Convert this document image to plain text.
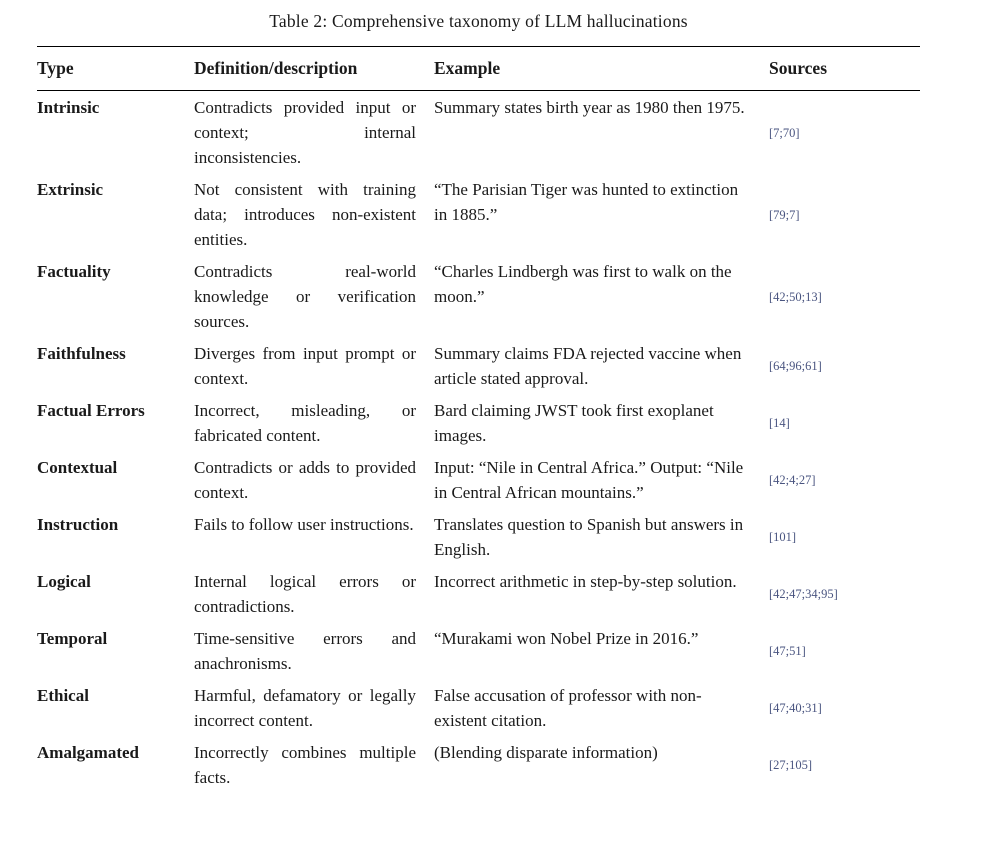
Table 2: Comprehensive taxonomy of LLM hallucinations
Type	Definition/description	Example	Sources
Intrinsic	Contradicts provided input or context; internal inconsistencies.	Summary states birth year as 1980 then 1975.	[7;70]
Extrinsic	Not consistent with training data; introduces non-existent entities.	“The Parisian Tiger was hunted to extinction in 1885.”	[79;7]
Factuality	Contradicts real-world knowledge or verification sources.	“Charles Lindbergh was first to walk on the moon.”	[42;50;13]
Faithfulness	Diverges from input prompt or context.	Summary claims FDA rejected vaccine when article stated approval.	[64;96;61]
Factual Errors	Incorrect, misleading, or fabricated content.	Bard claiming JWST took first exoplanet images.	[14]
Contextual	Contradicts or adds to provided context.	Input: “Nile in Central Africa.” Output: “Nile in Central African mountains.”	[42;4;27]
Instruction	Fails to follow user instructions.	Translates question to Spanish but answers in English.	[101]
Logical	Internal logical errors or contradictions.	Incorrect arithmetic in step-by-step solution.	[42;47;34;95]
Temporal	Time-sensitive errors and anachronisms.	“Murakami won Nobel Prize in 2016.”	[47;51]
Ethical	Harmful, defamatory or legally incorrect content.	False accusation of professor with non-existent citation.	[47;40;31]
Amalgamated	Incorrectly combines multiple facts.	(Blending disparate information)	[27;105]
